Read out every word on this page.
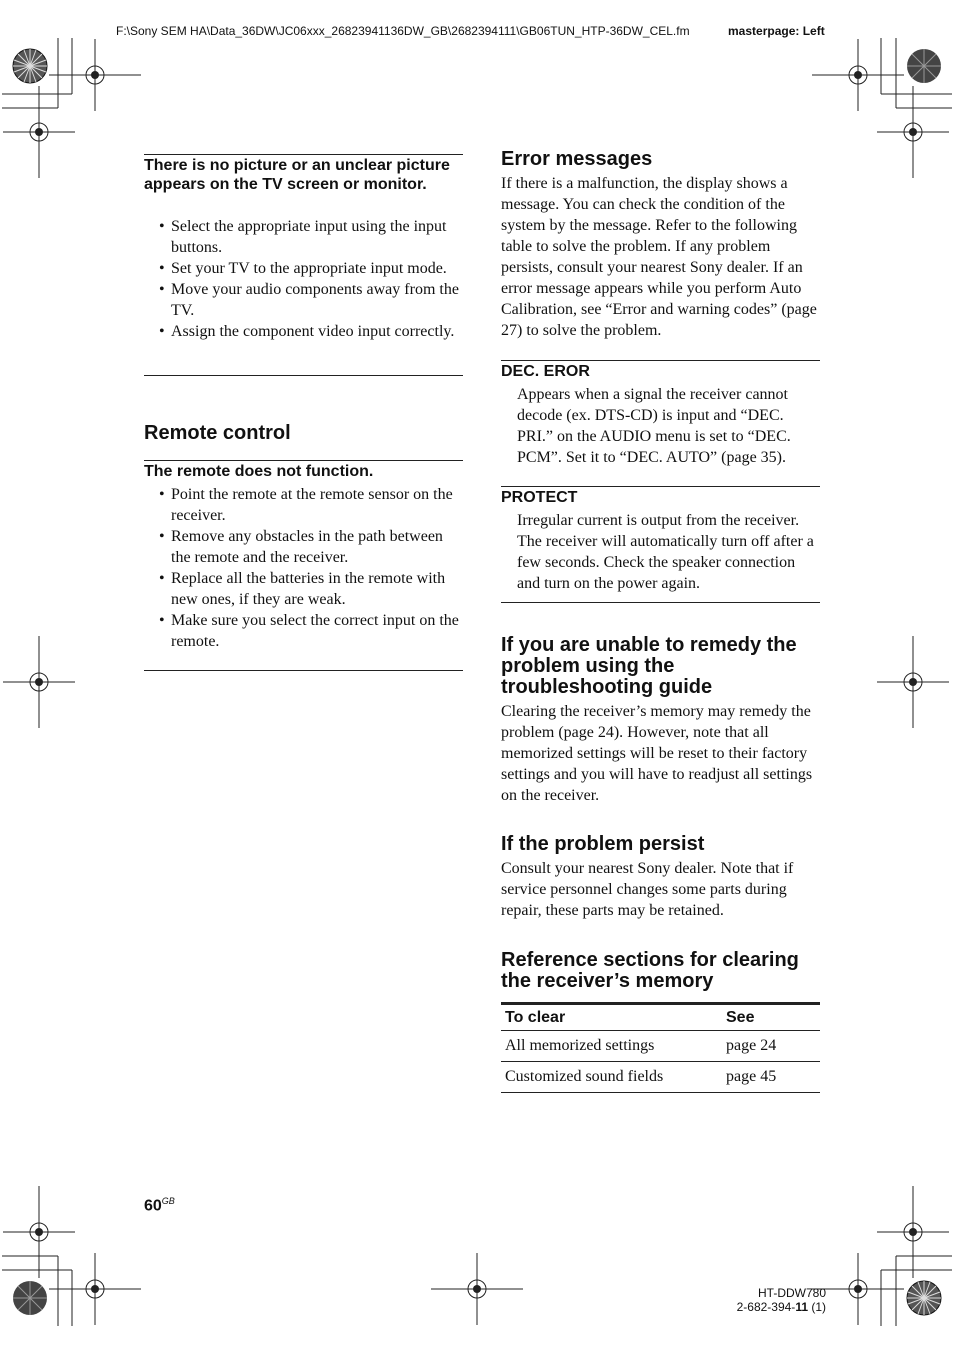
F:\Sony SEM HA\Data_36DW\JC06xxx_26823941136DW_GB\2682394111\GB06TUN_HTP-36DW_CEL.fm	masterpage: Left
There is no picture or an unclear picture appears on the TV screen or monitor.
• Select the appropriate input using the input buttons.
• Set your TV to the appropriate input mode.
• Move your audio components away from the TV.
• Assign the component video input correctly.
Remote control
The remote does not function.
• Point the remote at the remote sensor on the receiver.
• Remove any obstacles in the path between the remote and the receiver.
• Replace all the batteries in the remote with new ones, if they are weak.
• Make sure you select the correct input on the remote.
Error messages
If there is a malfunction, the display shows a message. You can check the condition of the system by the message. Refer to the following table to solve the problem. If any problem persists, consult your nearest Sony dealer. If an error message appears while you perform Auto Calibration, see “Error and warning codes” (page 27) to solve the problem.
DEC. EROR
Appears when a signal the receiver cannot decode (ex. DTS-CD) is input and “DEC. PRI.” on the AUDIO menu is set to “DEC. PCM”. Set it to “DEC. AUTO” (page 35).
PROTECT
Irregular current is output from the receiver. The receiver will automatically turn off after a few seconds. Check the speaker connection and turn on the power again.
If you are unable to remedy the problem using the troubleshooting guide
Clearing the receiver’s memory may remedy the problem (page 24). However, note that all memorized settings will be reset to their factory settings and you will have to readjust all settings on the receiver.
If the problem persist
Consult your nearest Sony dealer. Note that if service personnel changes some parts during repair, these parts may be retained.
Reference sections for clearing the receiver’s memory
To clear	See
All memorized settings	page 24
Customized sound fields	page 45
$60^{GB}$
HT-DDW780
2-682-394-11 (1)
